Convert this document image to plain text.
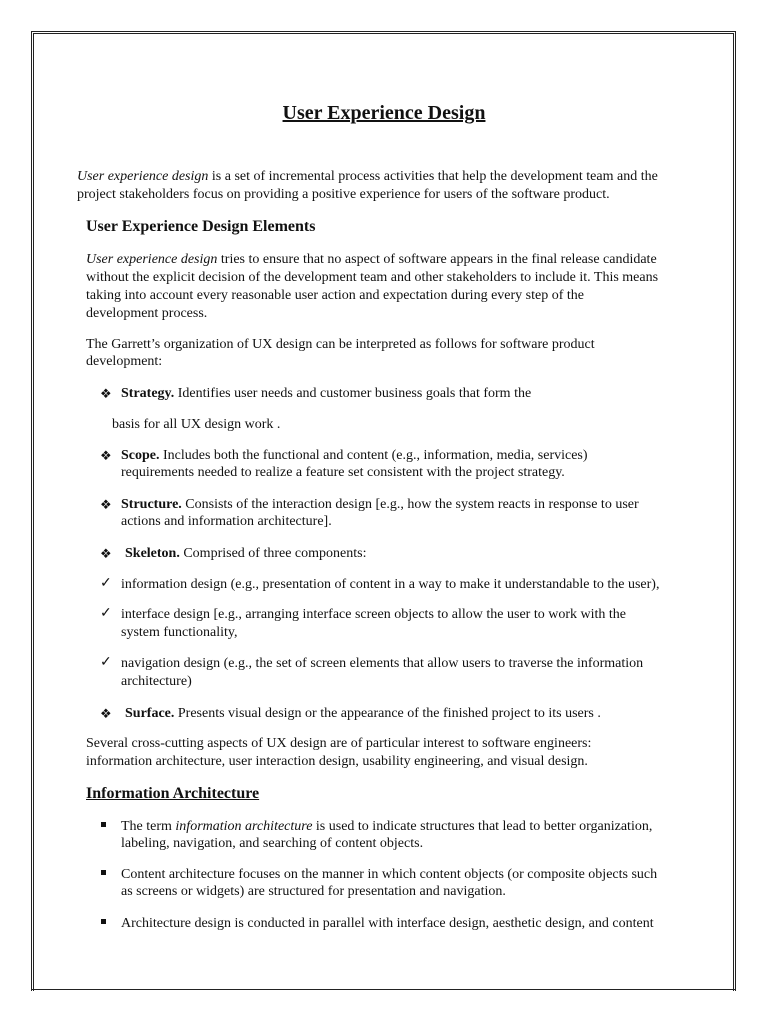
User Experience Design
User experience design is a set of incremental process activities that help the development team and the
project stakeholders focus on providing a positive experience for users of the software product.
User Experience Design Elements
User experience design tries to ensure that no aspect of software appears in the final release candidate
without the explicit decision of the development team and other stakeholders to include it. This means
taking into account every reasonable user action and expectation during every step of the
development process.
The Garrett’s organization of UX design can be interpreted as follows for software product
development:
❖ Strategy. Identifies user needs and customer business goals that form the
basis for all UX design work .
❖ Scope. Includes both the functional and content (e.g., information, media, services)
requirements needed to realize a feature set consistent with the project strategy.
❖ Structure. Consists of the interaction design [e.g., how the system reacts in response to user
actions and information architecture].
❖ Skeleton. Comprised of three components:
✓ information design (e.g., presentation of content in a way to make it understandable to the user),
✓ interface design [e.g., arranging interface screen objects to allow the user to work with the
system functionality,
✓ navigation design (e.g., the set of screen elements that allow users to traverse the information
architecture)
❖ Surface. Presents visual design or the appearance of the finished project to its users .
Several cross-cutting aspects of UX design are of particular interest to software engineers:
information architecture, user interaction design, usability engineering, and visual design.
Information Architecture
The term information architecture is used to indicate structures that lead to better organization,
labeling, navigation, and searching of content objects.
Content architecture focuses on the manner in which content objects (or composite objects such
as screens or widgets) are structured for presentation and navigation.
Architecture design is conducted in parallel with interface design, aesthetic design, and content
